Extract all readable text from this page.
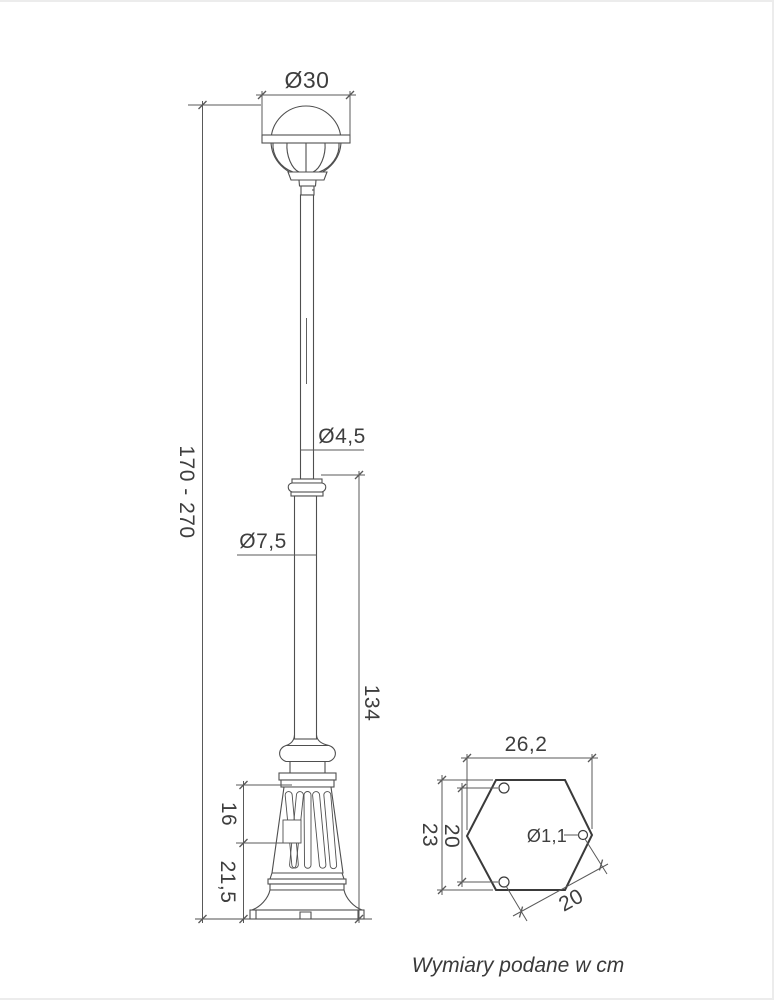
Ø30
170 - 270
Ø4,5
Ø7,5
134
16
21,5
26,2
23 20	Ø1,1
20
Wymiary podane w cm
